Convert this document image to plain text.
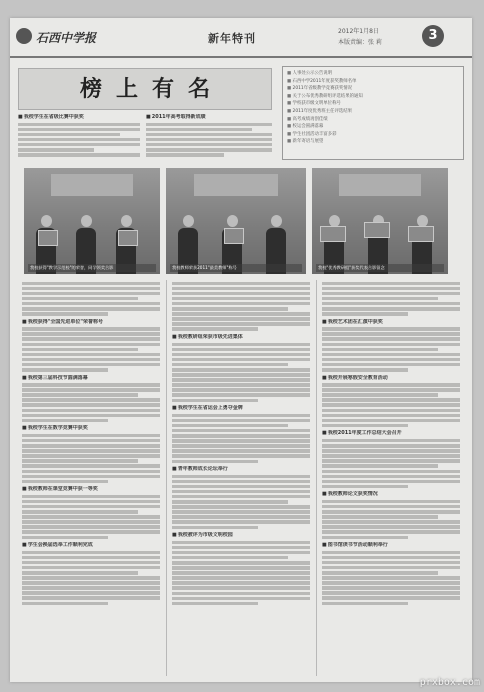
石西中学报	新年特刊
2012年1月8日
本版责编：张 莉	3
榜上有名
■ 人事处公示公告说明
■ 石西中学2011年度获奖教师名单
■ 2011年省级教学竞赛获奖情况
■ 关于公布优秀教研组评选结果的通知
■ 学校获市级文明单位称号
■ 2011年度优秀班主任评选结果
■ 高考成绩再创佳绩
■ 校运会圆满落幕
■ 学生社团活动丰富多彩
■ 新年寄语与展望
■ 我校学生在省级比赛中获奖
■	2011年高考取得新成绩
我校获得"教学示范校"的荣誉，同学领奖合影	我校教师荣获2011"最美教师"称号	我校"优秀教研组"获奖代表合影留念
■ 我校获得"全国先进单位"荣誉称号
■ 我校第三届科技节圆满落幕
■ 我校学生在数学竞赛中获奖
■ 我校教师在课堂竞赛中获一等奖
■ 学生会换届选举工作顺利完成
■ 我校教研组荣获市级先进集体
■ 我校学生在省运会上勇夺金牌
■ 青年教师成长论坛举行
■ 我校被评为市级文明校园
■ 我校艺术团在汇演中获奖
■ 我校开展寒假安全教育活动
■ 我校2011年度工作总结大会召开
■ 我校教师论文获奖情况
■ 图书馆读书节活动顺利举行
prxbox.com
